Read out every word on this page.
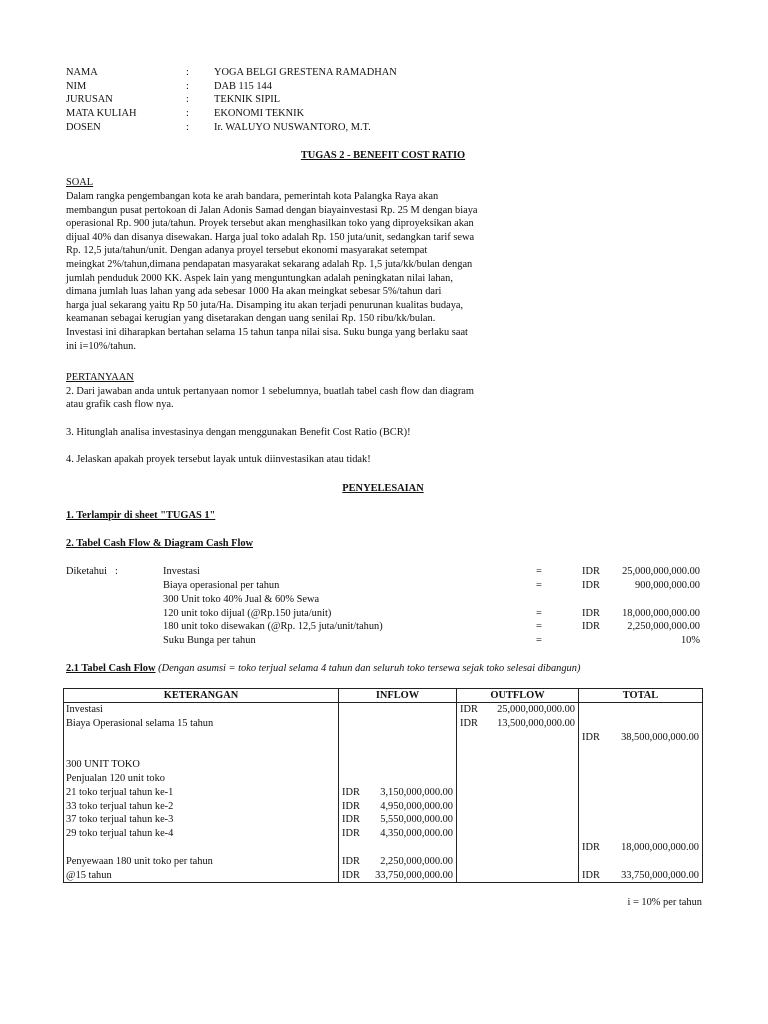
NAMA	: YOGA BELGI GRESTENA RAMADHAN
NIM	: DAB 115 144
JURUSAN	: TEKNIK SIPIL
MATA KULIAH	: EKONOMI TEKNIK
DOSEN	: Ir. WALUYO NUSWANTORO, M.T.
TUGAS 2 - BENEFIT COST RATIO
SOAL
Dalam rangka pengembangan kota ke arah bandara, pemerintah kota Palangka Raya akan
membangun pusat pertokoan di Jalan Adonis Samad dengan biayainvestasi Rp. 25 M dengan biaya
operasional Rp. 900 juta/tahun. Proyek tersebut akan menghasilkan toko yang diproyeksikan akan
dijual 40% dan disanya disewakan. Harga jual toko adalah Rp. 150 juta/unit, sedangkan tarif sewa
Rp. 12,5 juta/tahun/unit. Dengan adanya proyel tersebut ekonomi masyarakat setempat
meingkat 2%/tahun,dimana pendapatan masyarakat sekarang adalah Rp. 1,5 juta/kk/bulan dengan
jumlah penduduk 2000 KK. Aspek lain yang menguntungkan adalah peningkatan nilai lahan,
dimana jumlah luas lahan yang ada sebesar 1000 Ha akan meingkat sebesar 5%/tahun dari
harga jual sekarang yaitu Rp 50 juta/Ha. Disamping itu akan terjadi penurunan kualitas budaya,
keamanan sebagai kerugian yang disetarakan dengan uang senilai Rp. 150 ribu/kk/bulan.
Investasi ini diharapkan bertahan selama 15 tahun tanpa nilai sisa. Suku bunga yang berlaku saat
ini i=10%/tahun.
PERTANYAAN
2. Dari jawaban anda untuk pertanyaan nomor 1 sebelumnya, buatlah tabel cash flow dan diagram
atau grafik cash flow nya.
3. Hitunglah analisa investasinya dengan menggunakan Benefit Cost Ratio (BCR)!
4. Jelaskan apakah proyek tersebut layak untuk diinvestasikan atau tidak!
PENYELESAIAN
1. Terlampir di sheet "TUGAS 1"
2. Tabel Cash Flow & Diagram Cash Flow
Diketahui :	Investasi	=	IDR 25,000,000,000.00
Biaya operasional per tahun	=	IDR	900,000,000.00
300 Unit toko 40% Jual & 60% Sewa
120 unit toko dijual (@Rp.150 juta/unit)	=	IDR 18,000,000,000.00
180 unit toko disewakan (@Rp. 12,5 juta/unit/tahun)	=	IDR	2,250,000,000.00
Suku Bunga per tahun	=	10%
2.1 Tabel Cash Flow (Dengan asumsi = toko terjual selama 4 tahun dan seluruh toko tersewa sejak toko selesai dibangun)
KETERANGAN	INFLOW	OUTFLOW	TOTAL
Investasi		IDR 25,000,000,000.00	

Biaya Operasional selama 15 tahun		IDR 13,500,000,000.00	

			IDR 38,500,000,000.00

300 UNIT TOKO	

Penjualan 120 unit toko	

21 toko terjual tahun ke-1	IDR 3,150,000,000.00		

33 toko terjual tahun ke-2	IDR 4,950,000,000.00		

37 toko terjual tahun ke-3	IDR 5,550,000,000.00		

29 toko terjual tahun ke-4	IDR 4,350,000,000.00		

			IDR 18,000,000,000.00

Penyewaan 180 unit toko per tahun	IDR 2,250,000,000.00		

@15 tahun	IDR 33,750,000,000.00		IDR 33,750,000,000.00
i = 10% per tahun
